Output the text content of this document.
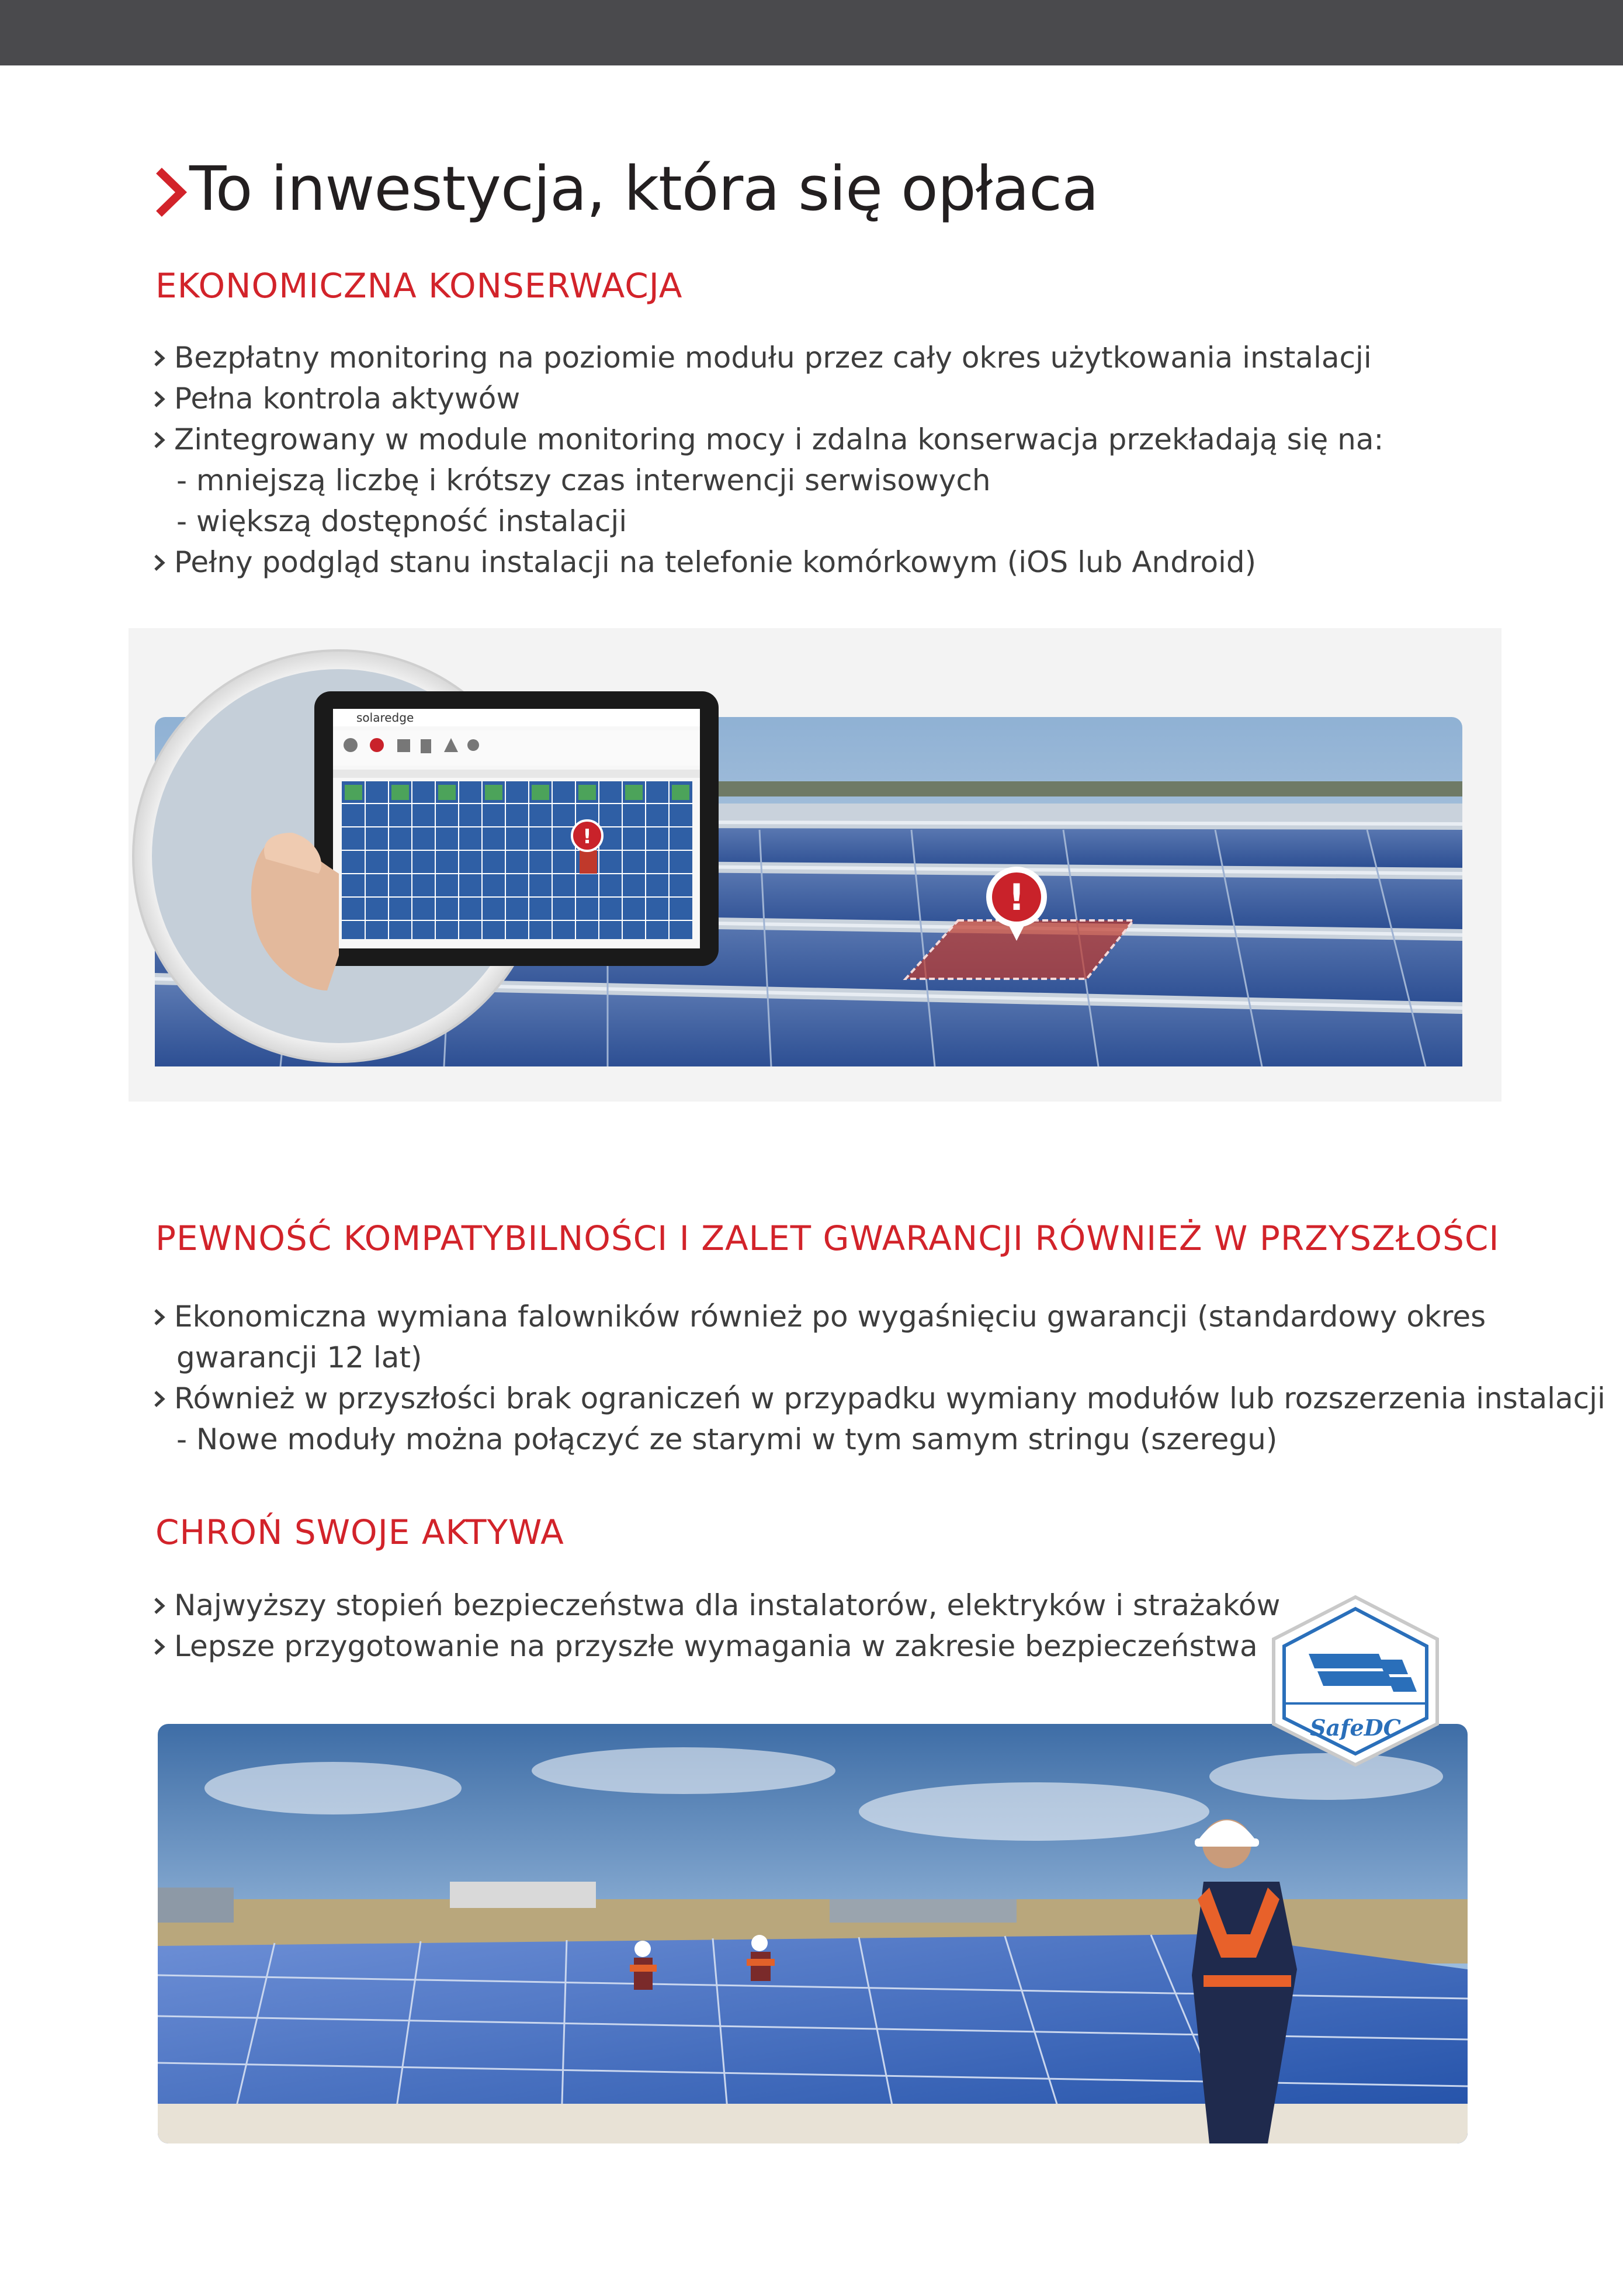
To inwestycja, która się opłaca
EKONOMICZNA KONSERWACJA
Bezpłatny monitoring na poziomie modułu przez cały okres użytkowania instalacji
Pełna kontrola aktywów
Zintegrowany w module monitoring mocy i zdalna konserwacja przekładają się na:
- mniejszą liczbę i krótszy czas interwencji serwisowych
- większą dostępność instalacji
Pełny podgląd stanu instalacji na telefonie komórkowym (iOS lub Android)
!
solaredge
!
PEWNOŚĆ KOMPATYBILNOŚCI I ZALET GWARANCJI RÓWNIEŻ W PRZYSZŁOŚCI
Ekonomiczna wymiana falowników również po wygaśnięciu gwarancji (standardowy okres
gwarancji 12 lat)
Również w przyszłości brak ograniczeń w przypadku wymiany modułów lub rozszerzenia instalacji
- Nowe moduły można połączyć ze starymi w tym samym stringu (szeregu)
CHROŃ SWOJE AKTYWA
Najwyższy stopień bezpieczeństwa dla instalatorów, elektryków i strażaków
Lepsze przygotowanie na przyszłe wymagania w zakresie bezpieczeństwa
SafeDC
